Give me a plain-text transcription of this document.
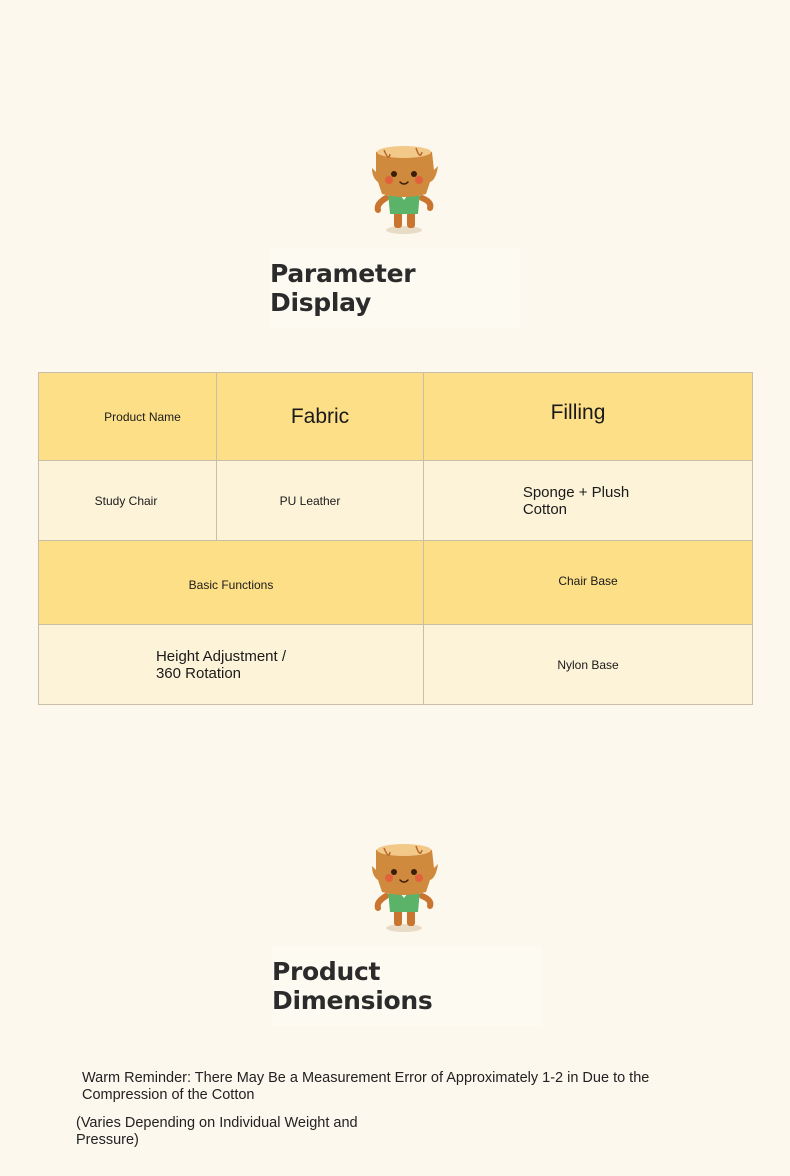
Parameter Display
Product Name	Fabric	Filling
Study Chair	PU Leather	Sponge + Plush
Cotton
Basic Functions		Chair Base
Height Adjustment /
360 Rotation		Nylon Base
Product Dimensions
Warm Reminder: There May Be a Measurement Error of Approximately 1-2 in Due to the Compression of the Cotton
(Varies Depending on Individual Weight and Pressure)
